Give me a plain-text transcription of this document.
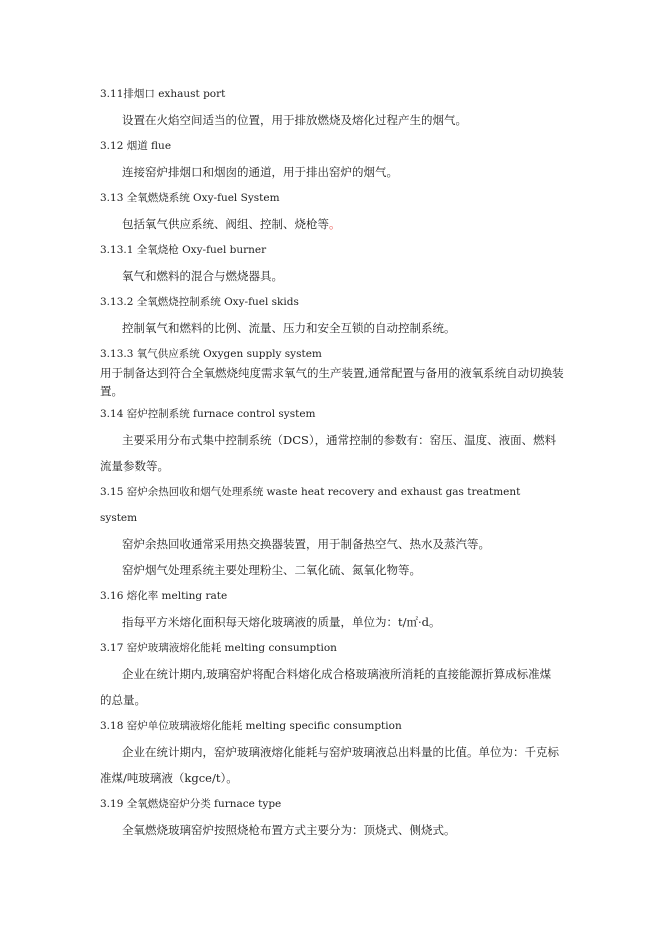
3.11排烟口 exhaust port
设置在火焰空间适当的位置，用于排放燃烧及熔化过程产生的烟气。
3.12 烟道 flue
连接窑炉排烟口和烟囱的通道，用于排出窑炉的烟气。
3.13 全氧燃烧系统 Oxy-fuel System
包括氧气供应系统、阀组、控制、烧枪等。
3.13.1 全氧烧枪 Oxy-fuel burner
氧气和燃料的混合与燃烧器具。
3.13.2 全氧燃烧控制系统 Oxy-fuel skids
控制氧气和燃料的比例、流量、压力和安全互锁的自动控制系统。
3.13.3 氧气供应系统 Oxygen supply system
用于制备达到符合全氧燃烧纯度需求氧气的生产装置,通常配置与备用的液氧系统自动切换装置。
3.14 窑炉控制系统 furnace control system
主要采用分布式集中控制系统（DCS），通常控制的参数有：窑压、温度、液面、燃料
流量参数等。
3.15 窑炉余热回收和烟气处理系统 waste heat recovery and exhaust gas treatment
system
窑炉余热回收通常采用热交换器装置，用于制备热空气、热水及蒸汽等。
窑炉烟气处理系统主要处理粉尘、二氧化硫、氮氧化物等。
3.16 熔化率 melting rate
指每平方米熔化面积每天熔化玻璃液的质量，单位为：t/㎡·d。
3.17 窑炉玻璃液熔化能耗 melting consumption
企业在统计期内,玻璃窑炉将配合料熔化成合格玻璃液所消耗的直接能源折算成标准煤
的总量。
3.18 窑炉单位玻璃液熔化能耗 melting specific consumption
企业在统计期内，窑炉玻璃液熔化能耗与窑炉玻璃液总出料量的比值。单位为：千克标
准煤/吨玻璃液（kgce/t）。
3.19 全氧燃烧窑炉分类 furnace type
全氧燃烧玻璃窑炉按照烧枪布置方式主要分为：顶烧式、侧烧式。
